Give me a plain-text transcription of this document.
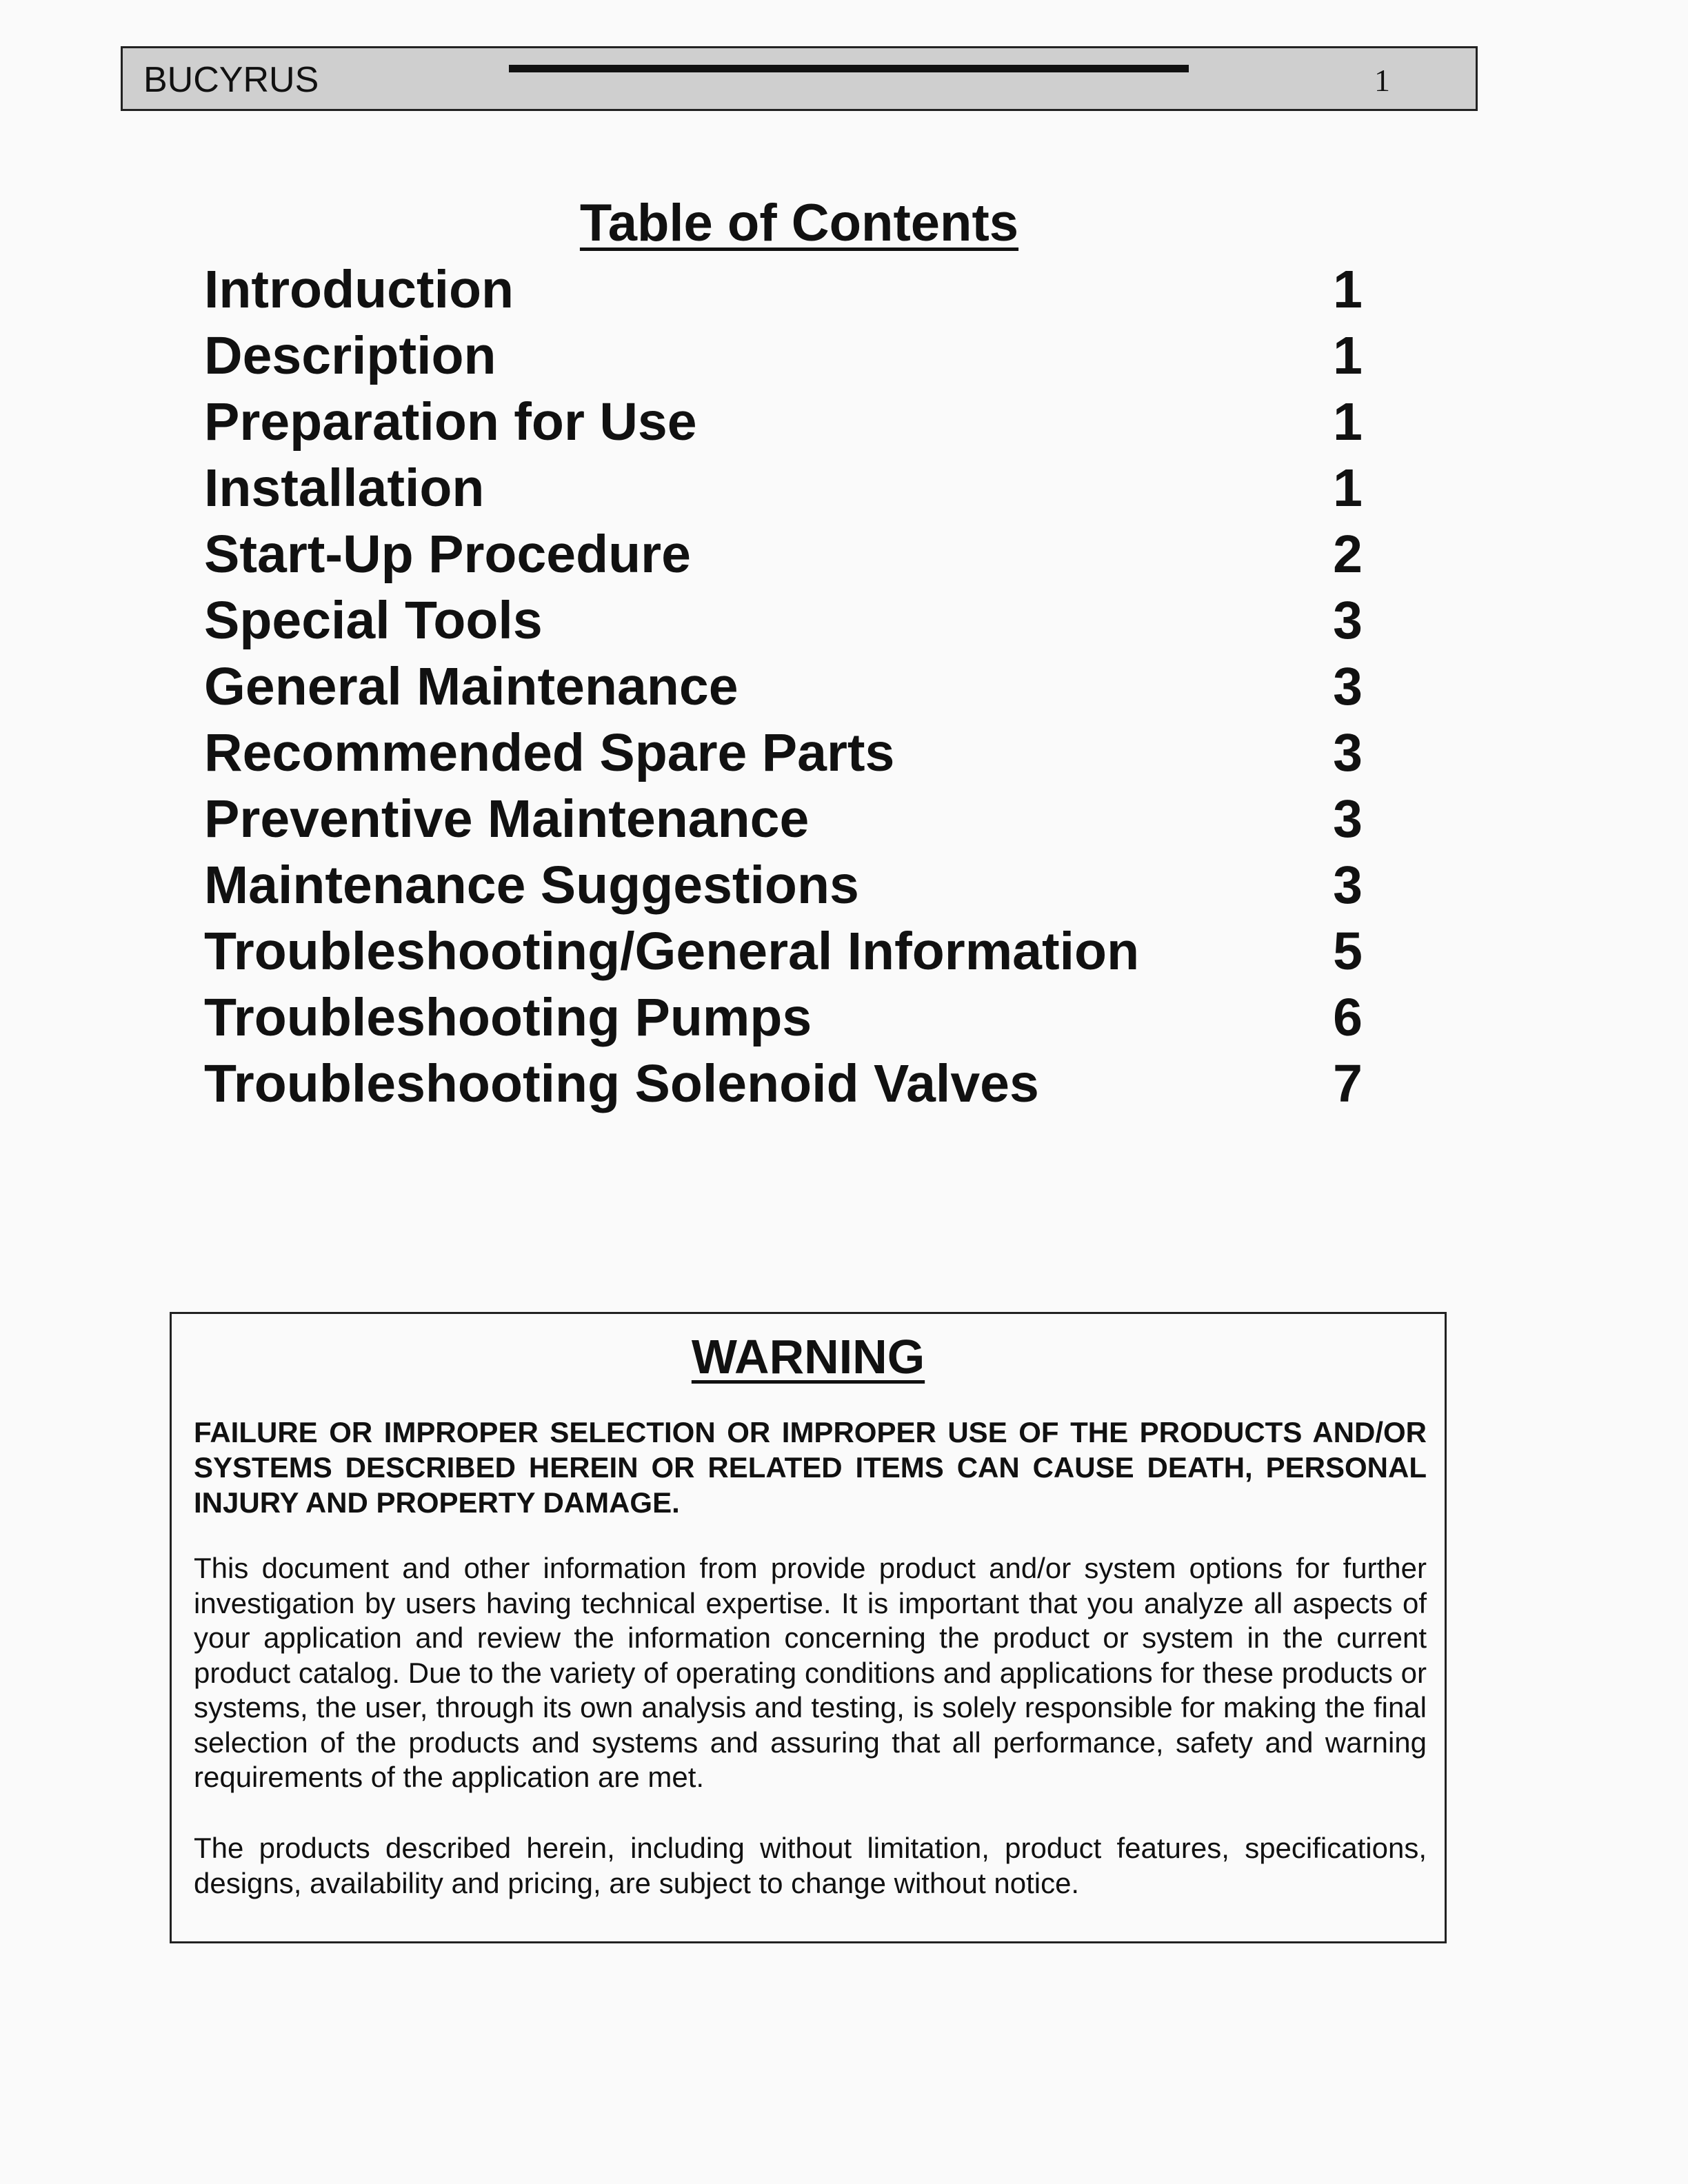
BUCYRUS	1
Table of Contents
Introduction	1
Description	1
Preparation for Use	1
Installation	1
Start-Up Procedure	2
Special Tools	3
General Maintenance	3
Recommended Spare Parts	3
Preventive Maintenance	3
Maintenance Suggestions	3
Troubleshooting/General Information	5
Troubleshooting Pumps	6
Troubleshooting Solenoid Valves	7
WARNING

FAILURE OR IMPROPER SELECTION OR IMPROPER USE OF THE PRODUCTS AND/OR SYSTEMS DESCRIBED HEREIN OR RELATED ITEMS CAN CAUSE DEATH, PERSONAL INJURY AND PROPERTY DAMAGE.

This document and other information from provide product and/or system options for further investigation by users having technical expertise. It is important that you analyze all aspects of your application and review the information concerning the product or system in the current product catalog. Due to the variety of operating conditions and applications for these products or systems, the user, through its own analysis and testing, is solely responsible for making the final selection of the products and systems and assuring that all performance, safety and warning requirements of the application are met.

The products described herein, including without limitation, product features, specifications, designs, availability and pricing, are subject to change without notice.
